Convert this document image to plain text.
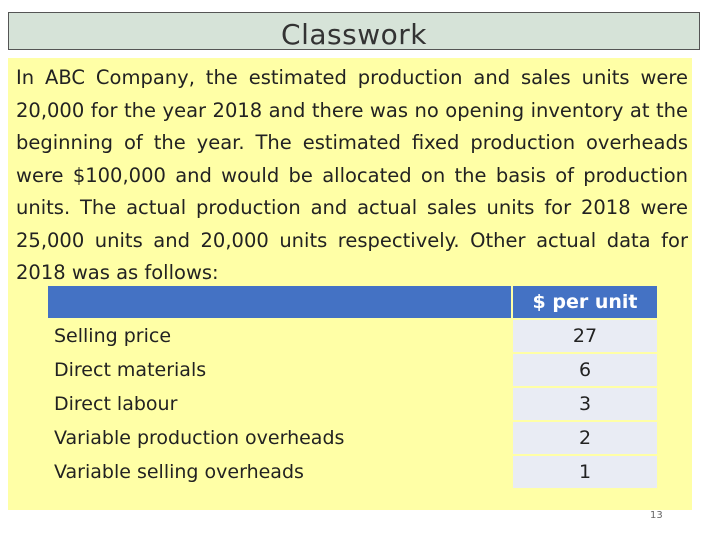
Classwork
In ABC Company, the estimated production and sales units were 20,000 for the year 2018 and there was no opening inventory at the beginning of the year. The estimated fixed production overheads were $100,000 and would be allocated on the basis of production units. The actual production and actual sales units for 2018 were 25,000 units and 20,000 units respectively. Other actual data for 2018 was as follows:
	$ per unit
Selling price	27
Direct materials	6
Direct labour	3
Variable production overheads	2
Variable selling overheads	1
13
